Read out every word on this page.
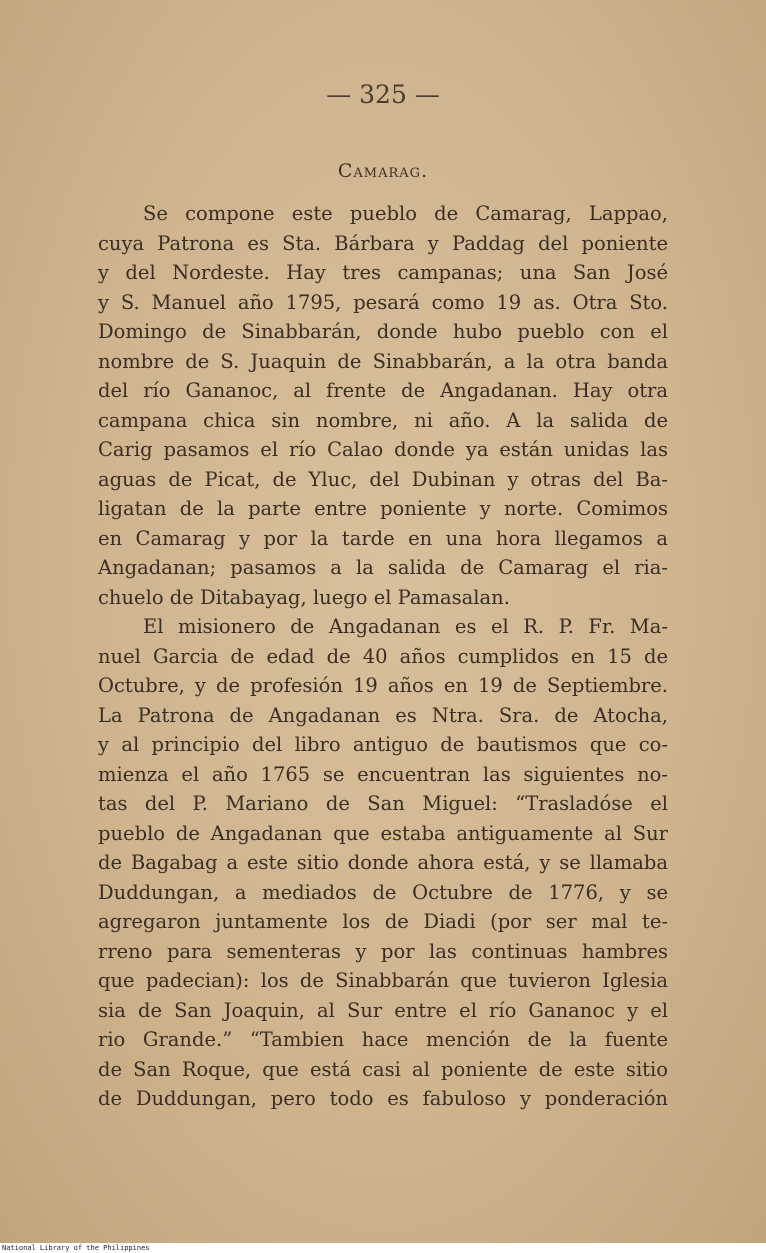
— 325 —
Camarag.
Se compone este pueblo de Camarag, Lappao,
cuya Patrona es Sta. Bárbara y Paddag del poniente
y del Nordeste. Hay tres campanas; una San José
y S. Manuel año 1795, pesará como 19 as. Otra Sto.
Domingo de Sinabbarán, donde hubo pueblo con el
nombre de S. Juaquin de Sinabbarán, a la otra banda
del río Gananoc, al frente de Angadanan. Hay otra
campana chica sin nombre, ni año. A la salida de
Carig pasamos el río Calao donde ya están unidas las
aguas de Picat, de Yluc, del Dubinan y otras del Ba-
ligatan de la parte entre poniente y norte. Comimos
en Camarag y por la tarde en una hora llegamos a
Angadanan; pasamos a la salida de Camarag el ria-
chuelo de Ditabayag, luego el Pamasalan.
El misionero de Angadanan es el R. P. Fr. Ma-
nuel Garcia de edad de 40 años cumplidos en 15 de
Octubre, y de profesión 19 años en 19 de Septiembre.
La Patrona de Angadanan es Ntra. Sra. de Atocha,
y al principio del libro antiguo de bautismos que co-
mienza el año 1765 se encuentran las siguientes no-
tas del P. Mariano de San Miguel: “Trasladóse el
pueblo de Angadanan que estaba antiguamente al Sur
de Bagabag a este sitio donde ahora está, y se llamaba
Duddungan, a mediados de Octubre de 1776, y se
agregaron juntamente los de Diadi (por ser mal te-
rreno para sementeras y por las continuas hambres
que padecian): los de Sinabbarán que tuvieron Iglesia
sia de San Joaquin, al Sur entre el río Gananoc y el
rio Grande.” “Tambien hace mención de la fuente
de San Roque, que está casi al poniente de este sitio
de Duddungan, pero todo es fabuloso y ponderación
National Library of the Philippines
